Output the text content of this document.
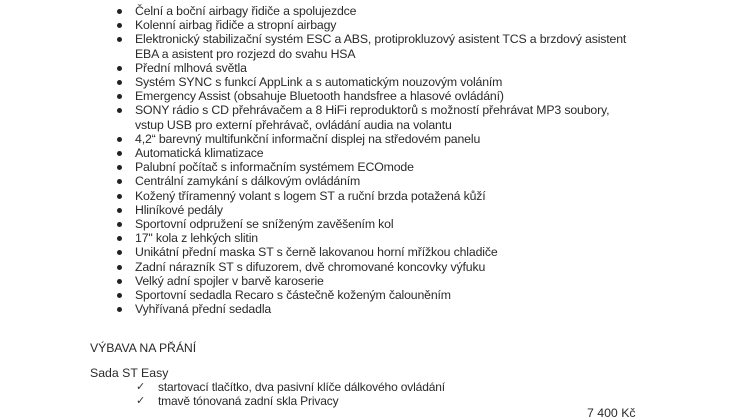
Čelní a boční airbagy řidiče a spolujezdce
Kolenní airbag řidiče a stropní airbagy
Elektronický stabilizační systém ESC a ABS, protiprokluzový asistent TCS a brzdový asistent EBA a asistent pro rozjezd do svahu HSA
Přední mlhová světla
Systém SYNC s funkcí AppLink a s automatickým nouzovým voláním
Emergency Assist (obsahuje Bluetooth handsfree a hlasové ovládání)
SONY rádio s CD přehrávačem a 8 HiFi reproduktorů s možností přehrávat MP3 soubory, vstup USB pro externí přehrávač, ovládání audia na volantu
4,2“ barevný multifunkční informační displej na středovém panelu
Automatická klimatizace
Palubní počítač s informačním systémem ECOmode
Centrální zamykání s dálkovým ovládáním
Kožený tříramenný volant s logem ST a ruční brzda potažená kůží
Hliníkové pedály
Sportovní odpružení se sníženým zavěšením kol
17" kola z lehkých slitin
Unikátní přední maska ST s černě lakovanou horní mřížkou chladiče
Zadní nárazník ST s difuzorem, dvě chromované koncovky výfuku
Velký adní spojler v barvě karoserie
Sportovní sedadla Recaro s částečně koženým čalouněním
Vyhřívaná přední sedadla
VÝBAVA NA PŘÁNÍ
Sada ST Easy
✓ startovací tlačítko, dva pasivní klíče dálkového ovládání
✓ tmavě tónovaná zadní skla Privacy
7 400 Kč
